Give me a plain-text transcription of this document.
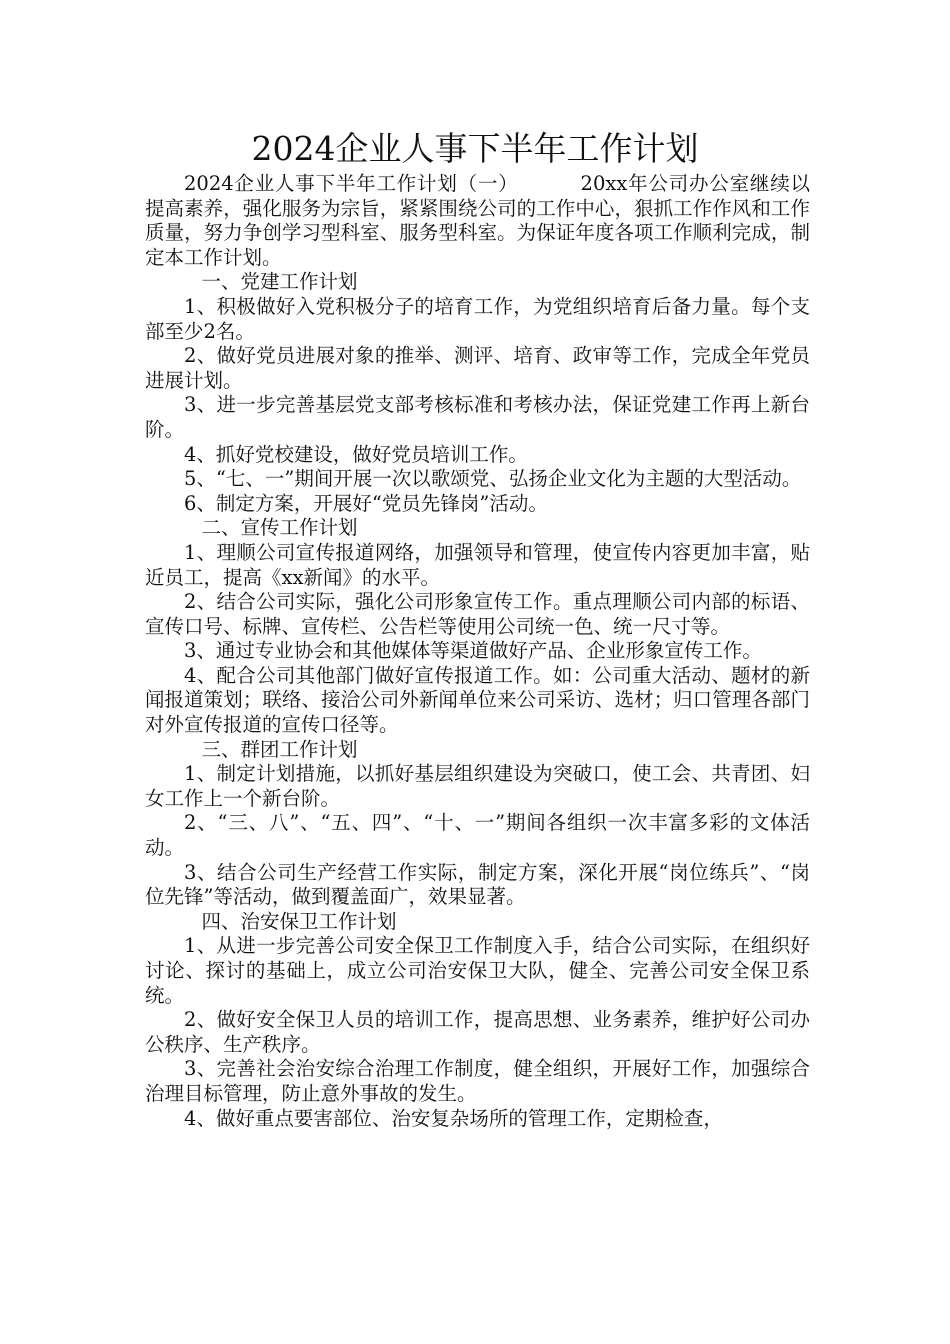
2024企业人事下半年工作计划

2024企业人事下半年工作计划（一）	20xx年公司办公室继续以提高素养，强化服务为宗旨，紧紧围绕公司的工作中心，狠抓工作作风和工作质量，努力争创学习型科室、服务型科室。为保证年度各项工作顺利完成，制定本工作计划。

一、党建工作计划

1、积极做好入党积极分子的培育工作，为党组织培育后备力量。每个支部至少2名。

2、做好党员进展对象的推举、测评、培育、政审等工作，完成全年党员进展计划。

3、进一步完善基层党支部考核标准和考核办法，保证党建工作再上新台阶。

4、抓好党校建设，做好党员培训工作。

5、“七、一”期间开展一次以歌颂党、弘扬企业文化为主题的大型活动。

6、制定方案，开展好“党员先锋岗”活动。

二、宣传工作计划

1、理顺公司宣传报道网络，加强领导和管理，使宣传内容更加丰富，贴近员工，提高《xx新闻》的水平。

2、结合公司实际，强化公司形象宣传工作。重点理顺公司内部的标语、宣传口号、标牌、宣传栏、公告栏等使用公司统一色、统一尺寸等。

3、通过专业协会和其他媒体等渠道做好产品、企业形象宣传工作。

4、配合公司其他部门做好宣传报道工作。如：公司重大活动、题材的新闻报道策划；联络、接洽公司外新闻单位来公司采访、选材；归口管理各部门对外宣传报道的宣传口径等。

三、群团工作计划

1、制定计划措施，以抓好基层组织建设为突破口，使工会、共青团、妇女工作上一个新台阶。

2、“三、八”、“五、四”、“十、一”期间各组织一次丰富多彩的文体活动。

3、结合公司生产经营工作实际，制定方案，深化开展“岗位练兵”、“岗位先锋”等活动，做到覆盖面广，效果显著。

四、治安保卫工作计划

1、从进一步完善公司安全保卫工作制度入手，结合公司实际，在组织好讨论、探讨的基础上，成立公司治安保卫大队，健全、完善公司安全保卫系统。

2、做好安全保卫人员的培训工作，提高思想、业务素养，维护好公司办公秩序、生产秩序。

3、完善社会治安综合治理工作制度，健全组织，开展好工作，加强综合治理目标管理，防止意外事故的发生。

4、做好重点要害部位、治安复杂场所的管理工作，定期检查，
